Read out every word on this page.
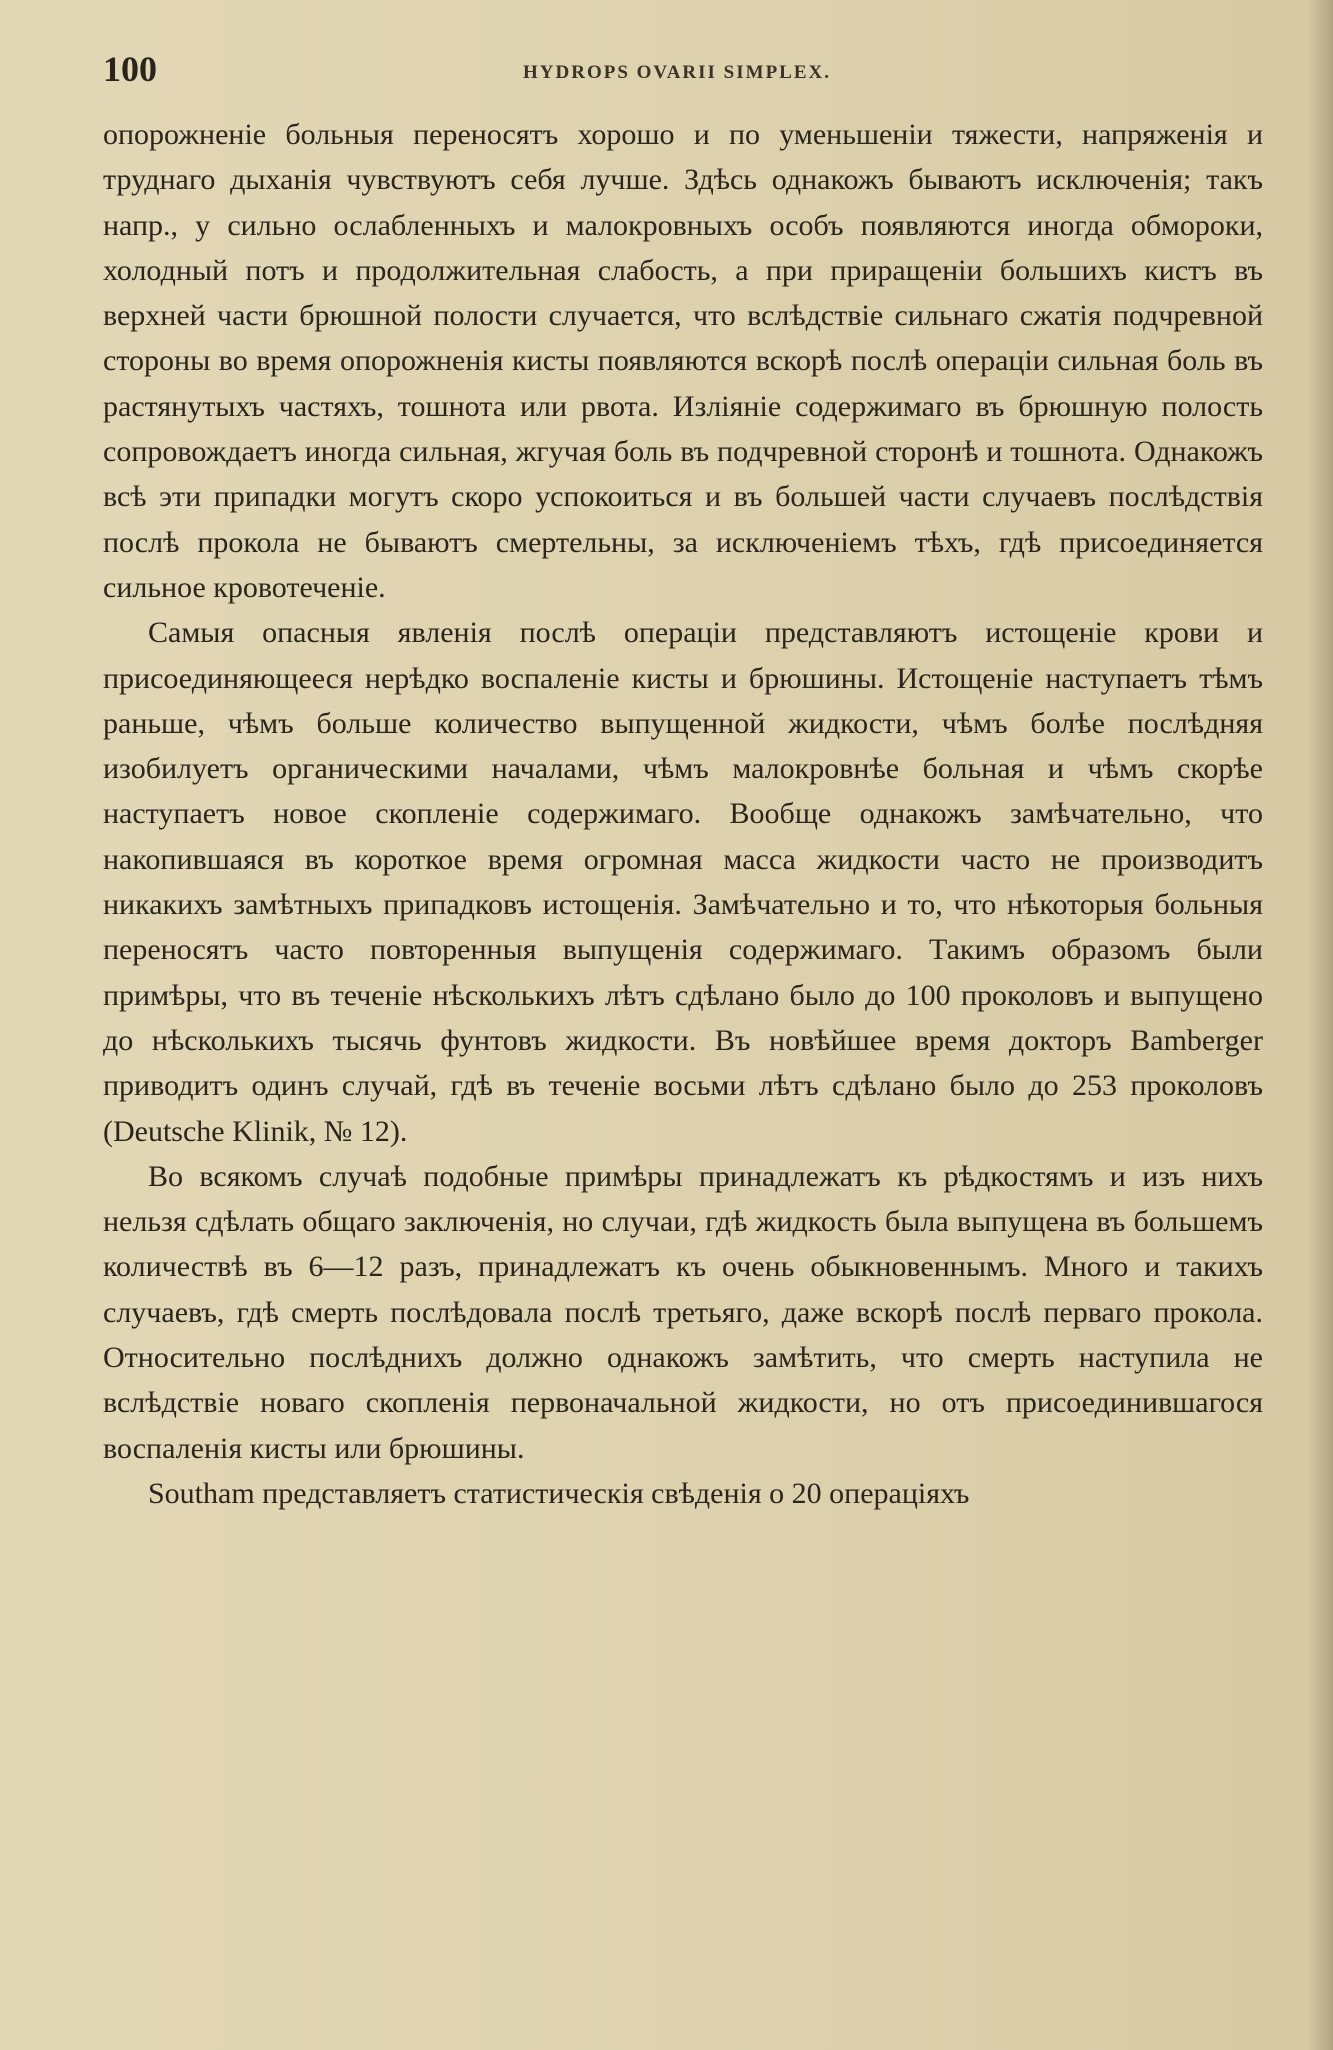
100	HYDROPS OVARII SIMPLEX.

опорожненіе больныя переносятъ хорошо и по уменьшеніи тяжести, напряженія и труднаго дыханія чувствуютъ себя лучше. Здѣсь однакожъ бываютъ исключенія; такъ напр., у сильно ослабленныхъ и малокровныхъ особъ появляются иногда обмороки, холодный потъ и продолжительная слабость, а при приращеніи большихъ кистъ въ верхней части брюшной полости случается, что вслѣдствіе сильнаго сжатія подчревной стороны во время опорожненія кисты появляются вскорѣ послѣ операціи сильная боль въ растянутыхъ частяхъ, тошнота или рвота. Изліяніе содержимаго въ брюшную полость сопровождаетъ иногда сильная, жгучая боль въ подчревной сторонѣ и тошнота. Однакожъ всѣ эти припадки могутъ скоро успокоиться и въ большей части случаевъ послѣдствія послѣ прокола не бываютъ смертельны, за исключеніемъ тѣхъ, гдѣ присоединяется сильное кровотеченіе.

Самыя опасныя явленія послѣ операціи представляютъ истощеніе крови и присоединяющееся нерѣдко воспаленіе кисты и брюшины. Истощеніе наступаетъ тѣмъ раньше, чѣмъ больше количество выпущенной жидкости, чѣмъ болѣе послѣдняя изобилуетъ органическими началами, чѣмъ малокровнѣе больная и чѣмъ скорѣе наступаетъ новое скопленіе содержимаго. Вообще однакожъ замѣчательно, что накопившаяся въ короткое время огромная масса жидкости часто не производитъ никакихъ замѣтныхъ припадковъ истощенія. Замѣчательно и то, что нѣкоторыя больныя переносятъ часто повторенныя выпущенія содержимаго. Такимъ образомъ были примѣры, что въ теченіе нѣсколькихъ лѣтъ сдѣлано было до 100 проколовъ и выпущено до нѣсколькихъ тысячь фунтовъ жидкости. Въ новѣйшее время докторъ Bamberger приводитъ одинъ случай, гдѣ въ теченіе восьми лѣтъ сдѣлано было до 253 проколовъ (Deutsche Klinik, № 12).

Во всякомъ случаѣ подобные примѣры принадлежатъ къ рѣдкостямъ и изъ нихъ нельзя сдѣлать общаго заключенія, но случаи, гдѣ жидкость была выпущена въ большемъ количествѣ въ 6—12 разъ, принадлежатъ къ очень обыкновеннымъ. Много и такихъ случаевъ, гдѣ смерть послѣдовала послѣ третьяго, даже вскорѣ послѣ перваго прокола. Относительно послѣднихъ должно однакожъ замѣтить, что смерть наступила не вслѣдствіе новаго скопленія первоначальной жидкости, но отъ присоединившагося воспаленія кисты или брюшины.

Southam представляетъ статистическія свѣденія о 20 операціяхъ
